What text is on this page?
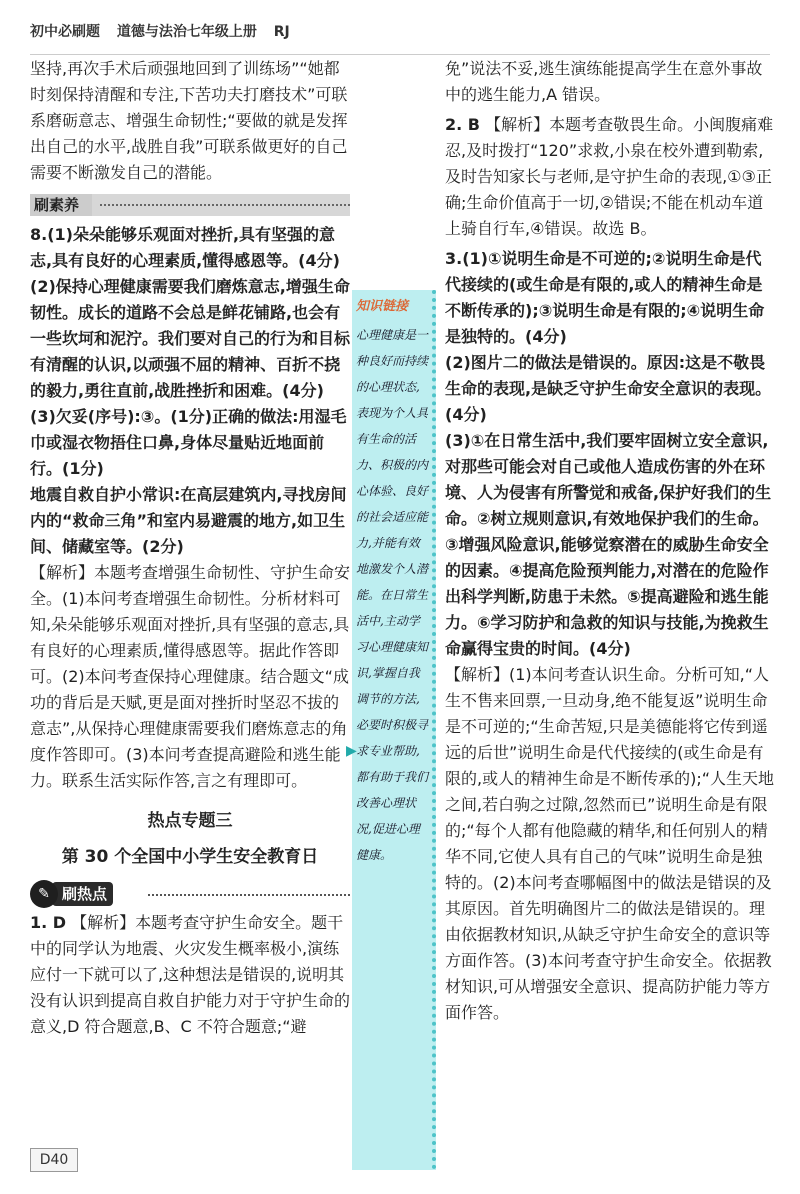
初中必刷题 道德与法治七年级上册 RJ

坚持,再次手术后顽强地回到了训练场”“她都时刻保持清醒和专注,下苦功夫打磨技术”可联系磨砺意志、增强生命韧性;“要做的就是发挥出自己的水平,战胜自我”可联系做更好的自己需要不断激发自己的潜能。

刷素养

8.(1)朵朵能够乐观面对挫折,具有坚强的意志,具有良好的心理素质,懂得感恩等。(4分)

(2)保持心理健康需要我们磨炼意志,增强生命韧性。成长的道路不会总是鲜花铺路,也会有一些坎坷和泥泞。我们要对自己的行为和目标有清醒的认识,以顽强不屈的精神、百折不挠的毅力,勇往直前,战胜挫折和困难。(4分)

(3)欠妥(序号):③。(1分)正确的做法:用湿毛巾或湿衣物捂住口鼻,身体尽量贴近地面前行。(1分)

地震自救自护小常识:在高层建筑内,寻找房间内的“救命三角”和室内易避震的地方,如卫生间、储藏室等。(2分)

【解析】本题考查增强生命韧性、守护生命安全。(1)本问考查增强生命韧性。分析材料可知,朵朵能够乐观面对挫折,具有坚强的意志,具有良好的心理素质,懂得感恩等。据此作答即可。(2)本问考查保持心理健康。结合题文“成功的背后是天赋,更是面对挫折时坚忍不拔的意志”,从保持心理健康需要我们磨炼意志的角度作答即可。(3)本问考查提高避险和逃生能力。联系生活实际作答,言之有理即可。

热点专题三
第 30 个全国中小学生安全教育日
刷热点
✎

1. D 【解析】本题考查守护生命安全。题干中的同学认为地震、火灾发生概率极小,演练应付一下就可以了,这种想法是错误的,说明其没有认识到提高自救自护能力对于守护生命的意义,D 符合题意,B、C 不符合题意;“避

▶
知识链接
心理健康是一种良好而持续的心理状态,表现为个人具有生命的活力、积极的内心体验、良好的社会适应能力,并能有效地激发个人潜能。在日常生活中,主动学习心理健康知识,掌握自我调节的方法,必要时积极寻求专业帮助,都有助于我们改善心理状况,促进心理健康。

免”说法不妥,逃生演练能提高学生在意外事故中的逃生能力,A 错误。

2. B 【解析】本题考查敬畏生命。小闽腹痛难忍,及时拨打“120”求救,小泉在校外遭到勒索,及时告知家长与老师,是守护生命的表现,①③正确;生命价值高于一切,②错误;不能在机动车道上骑自行车,④错误。故选 B。

3.(1)①说明生命是不可逆的;②说明生命是代代接续的(或生命是有限的,或人的精神生命是不断传承的);③说明生命是有限的;④说明生命是独特的。(4分)

(2)图片二的做法是错误的。原因:这是不敬畏生命的表现,是缺乏守护生命安全意识的表现。(4分)

(3)①在日常生活中,我们要牢固树立安全意识,对那些可能会对自己或他人造成伤害的外在环境、人为侵害有所警觉和戒备,保护好我们的生命。②树立规则意识,有效地保护我们的生命。③增强风险意识,能够觉察潜在的威胁生命安全的因素。④提高危险预判能力,对潜在的危险作出科学判断,防患于未然。⑤提高避险和逃生能力。⑥学习防护和急救的知识与技能,为挽救生命赢得宝贵的时间。(4分)

【解析】(1)本问考查认识生命。分析可知,“人生不售来回票,一旦动身,绝不能复返”说明生命是不可逆的;“生命苦短,只是美德能将它传到遥远的后世”说明生命是代代接续的(或生命是有限的,或人的精神生命是不断传承的);“人生天地之间,若白驹之过隙,忽然而已”说明生命是有限的;“每个人都有他隐藏的精华,和任何别人的精华不同,它使人具有自己的气味”说明生命是独特的。(2)本问考查哪幅图中的做法是错误的及其原因。首先明确图片二的做法是错误的。理由依据教材知识,从缺乏守护生命安全的意识等方面作答。(3)本问考查守护生命安全。依据教材知识,可从增强安全意识、提高防护能力等方面作答。

D40
